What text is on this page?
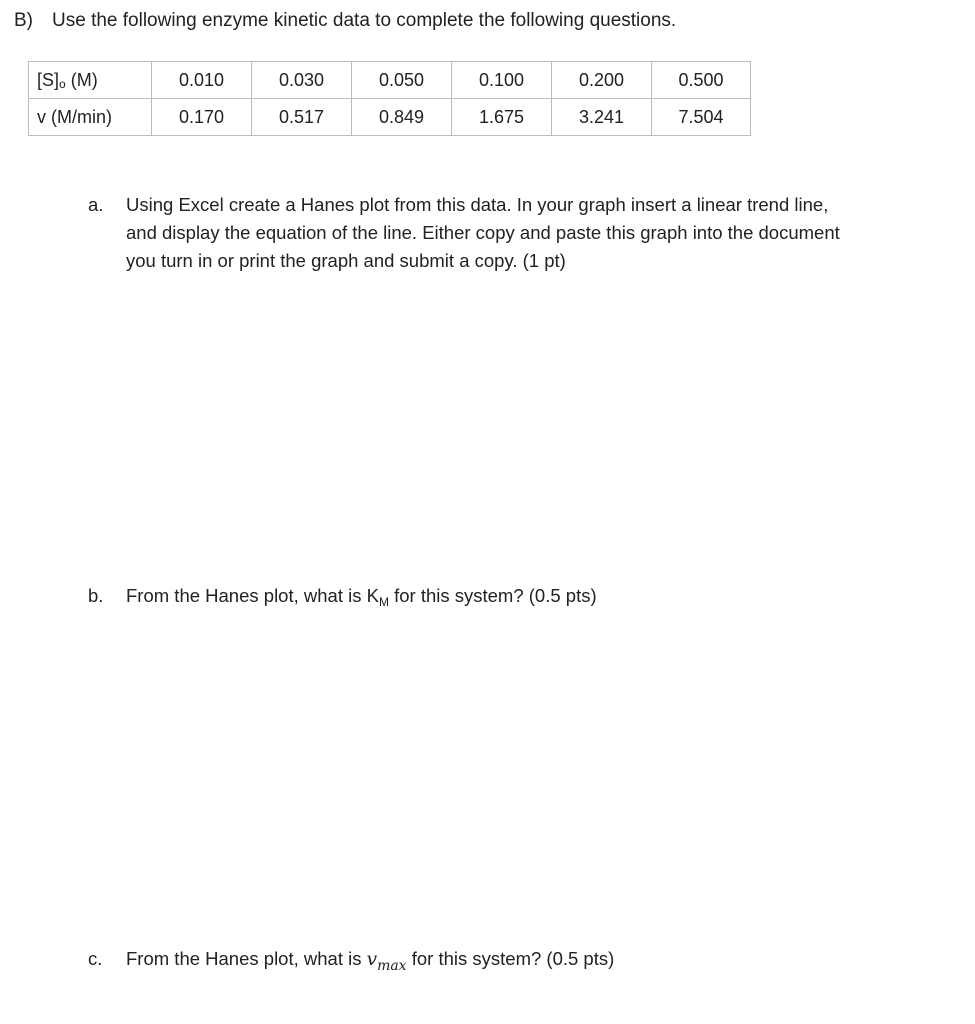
B) Use the following enzyme kinetic data to complete the following questions.
$[S]_o$ (M)	0.010	0.030	0.050	0.100	0.200	0.500
v (M/min)	0.170	0.517	0.849	1.675	3.241	7.504
a.	Using Excel create a Hanes plot from this data. In your graph insert a linear trend line,
and display the equation of the line. Either copy and paste this graph into the document
you turn in or print the graph and submit a copy. (1 pt)
b.	From the Hanes plot, what is $K_M$ for this system? (0.5 pts)
c.	From the Hanes plot, what is $v_{max}$ for this system? (0.5 pts)
